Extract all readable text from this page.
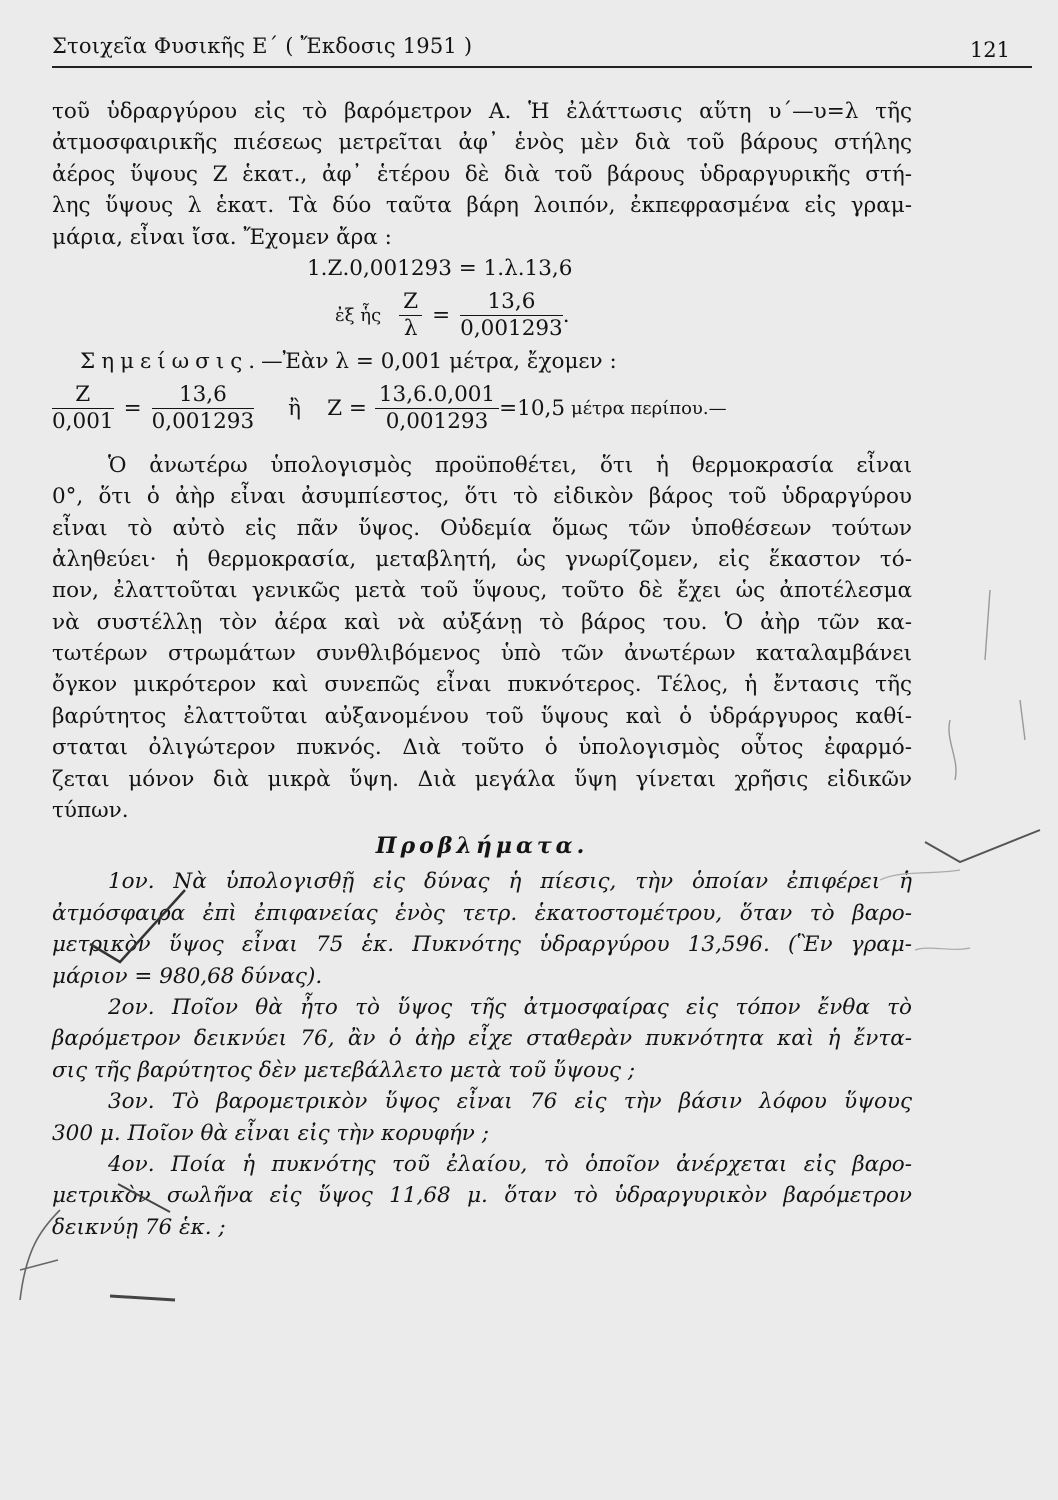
Στοιχεῖα Φυσικῆς Ε΄ ( Ἔκδοσις 1951 )	121
τοῦ ὑδραργύρου εἰς τὸ βαρόμετρον Α. Ἡ ἐλάττωσις αὕτη υ΄—υ=λ τῆς
ἀτμοσφαιρικῆς πιέσεως μετρεῖται ἀφ᾽ ἑνὸς μὲν διὰ τοῦ βάρους στήλης
ἀέρος ὕψους Ζ ἑκατ., ἀφ᾽ ἑτέρου δὲ διὰ τοῦ βάρους ὑδραργυρικῆς στή-
λης ὕψους λ ἑκατ. Τὰ δύο ταῦτα βάρη λοιπόν, ἐκπεφρασμένα εἰς γραμ-
μάρια, εἶναι ἴσα. Ἔχομεν ἄρα :
1.Ζ.0,001293 = 1.λ.13,6
ἐξ ἧς $\frac{Z}{\lambda} = \frac{13,6}{0,001293}$ .
Σημείωσις.—Ἐὰν λ = 0,001 μέτρα, ἔχομεν :
$\frac{Z}{0,001} = \frac{13,6}{0,001293}$ ἢ $Z = \frac{13,6.0,001}{0,001293} =10,5$ μέτρα περίπου.—
Ὁ ἀνωτέρω ὑπολογισμὸς προϋποθέτει, ὅτι ἡ θερμοκρασία εἶναι
0°, ὅτι ὁ ἀὴρ εἶναι ἀσυμπίεστος, ὅτι τὸ εἰδικὸν βάρος τοῦ ὑδραργύρου
εἶναι τὸ αὐτὸ εἰς πᾶν ὕψος. Οὐδεμία ὅμως τῶν ὑποθέσεων τούτων
ἀληθεύει· ἡ θερμοκρασία, μεταβλητή, ὡς γνωρίζομεν, εἰς ἕκαστον τό-
πον, ἐλαττοῦται γενικῶς μετὰ τοῦ ὕψους, τοῦτο δὲ ἔχει ὡς ἀποτέλεσμα
νὰ συστέλλῃ τὸν ἀέρα καὶ νὰ αὐξάνῃ τὸ βάρος του. Ὁ ἀὴρ τῶν κα-
τωτέρων στρωμάτων συνθλιβόμενος ὑπὸ τῶν ἀνωτέρων καταλαμβάνει
ὄγκον μικρότερον καὶ συνεπῶς εἶναι πυκνότερος. Τέλος, ἡ ἔντασις τῆς
βαρύτητος ἐλαττοῦται αὐξανομένου τοῦ ὕψους καὶ ὁ ὑδράργυρος καθί-
σταται ὀλιγώτερον πυκνός. Διὰ τοῦτο ὁ ὑπολογισμὸς οὗτος ἐφαρμό-
ζεται μόνον διὰ μικρὰ ὕψη. Διὰ μεγάλα ὕψη γίνεται χρῆσις εἰδικῶν
τύπων.
Προβλήματα.
1ον. Νὰ ὑπολογισθῇ εἰς δύνας ἡ πίεσις, τὴν ὁποίαν ἐπιφέρει ἡ
ἀτμόσφαιρα ἐπὶ ἐπιφανείας ἑνὸς τετρ. ἑκατοστομέτρου, ὅταν τὸ βαρο-
μετρικὸν ὕψος εἶναι 75 ἑκ. Πυκνότης ὑδραργύρου 13,596. (Ἓν γραμ-
μάριον = 980,68 δύνας).
2ον. Ποῖον θὰ ἦτο τὸ ὕψος τῆς ἀτμοσφαίρας εἰς τόπον ἔνθα τὸ
βαρόμετρον δεικνύει 76, ἂν ὁ ἀὴρ εἶχε σταθερὰν πυκνότητα καὶ ἡ ἔντα-
σις τῆς βαρύτητος δὲν μετεβάλλετο μετὰ τοῦ ὕψους ;
3ον. Τὸ βαρομετρικὸν ὕψος εἶναι 76 εἰς τὴν βάσιν λόφου ὕψους
300 μ. Ποῖον θὰ εἶναι εἰς τὴν κορυφήν ;
4ον. Ποία ἡ πυκνότης τοῦ ἐλαίου, τὸ ὁποῖον ἀνέρχεται εἰς βαρο-
μετρικὸν σωλῆνα εἰς ὕψος 11,68 μ. ὅταν τὸ ὑδραργυρικὸν βαρόμετρον
δεικνύῃ 76 ἑκ. ;
